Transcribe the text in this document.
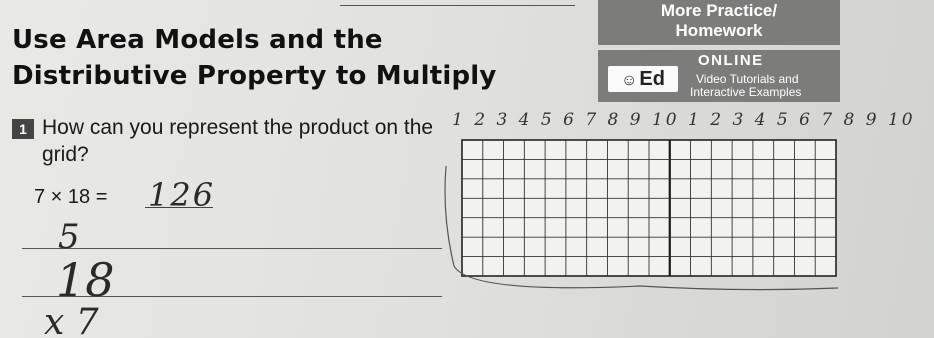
Use Area Models and the
Distributive Property to Multiply
More Practice/
Homework
ONLINE
☺ Ed	Video Tutorials and
Interactive Examples
1 How can you represent the product on the grid?
7 × 18 = 126
1 2 3 4 5 6 7 8 9 10 1 2 3 4 5 6 7 8 9 10
5
18
x 7
